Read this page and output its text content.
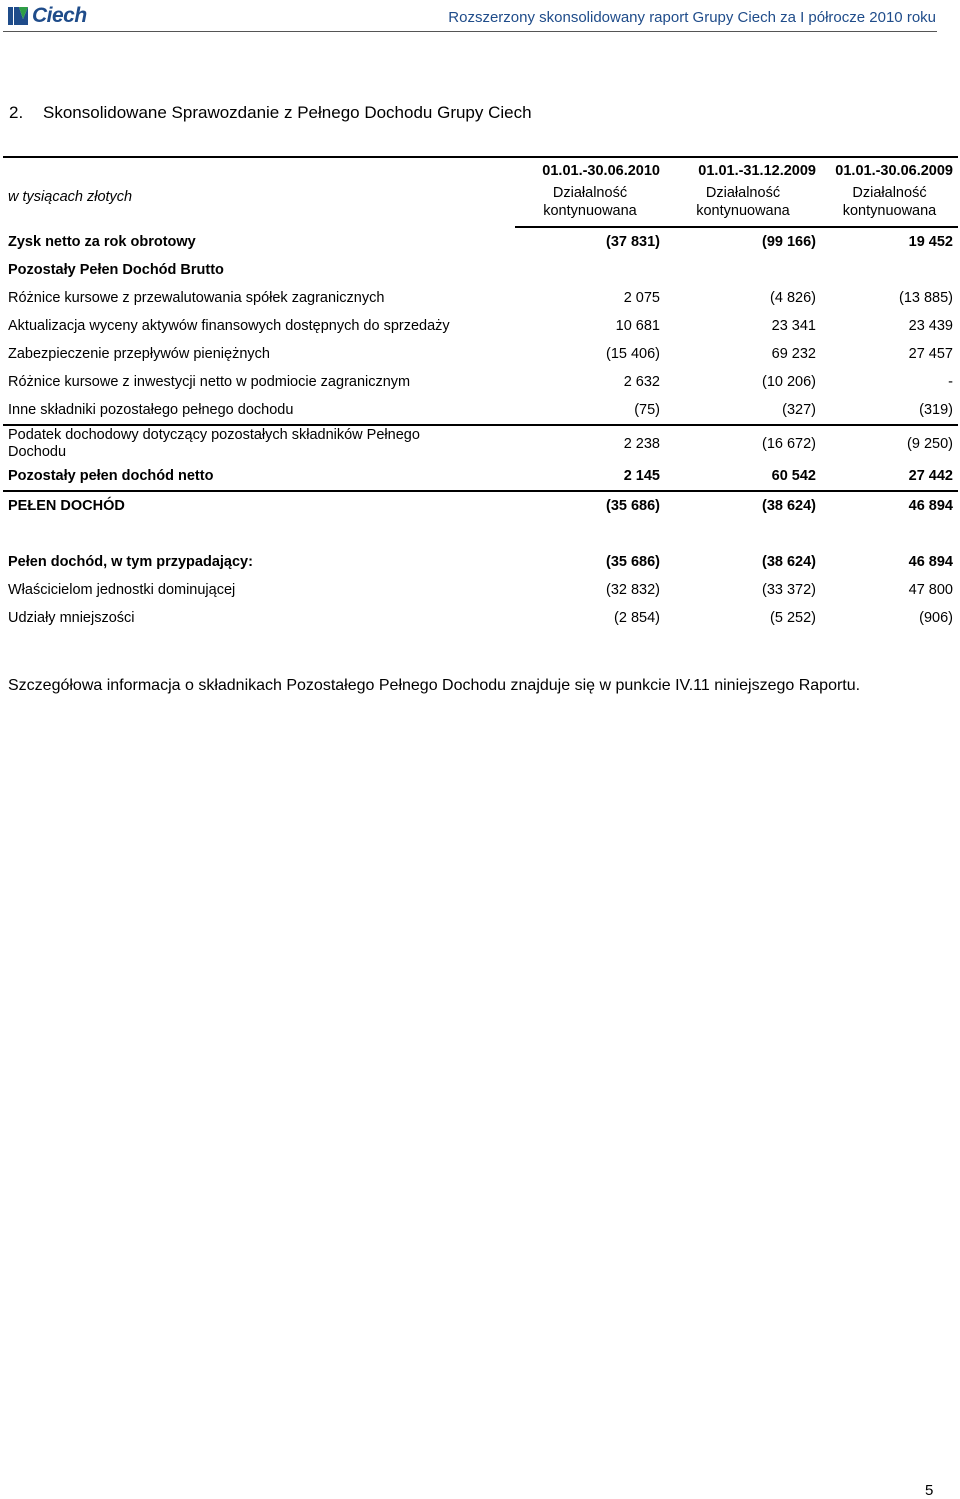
Ciech	Rozszerzony skonsolidowany raport Grupy Ciech za I półrocze 2010 roku
2. Skonsolidowane Sprawozdanie z Pełnego Dochodu Grupy Ciech
w tysiącach złotych	01.01.-30.06.2010	01.01.-31.12.2009	01.01.-30.06.2009
	Działalność	Działalność	Działalność
	kontynuowana	kontynuowana	kontynuowana
Zysk netto za rok obrotowy	(37 831)	(99 166)	19 452
Pozostały Pełen Dochód Brutto			
Różnice kursowe z przewalutowania spółek zagranicznych	2 075	(4 826)	(13 885)
Aktualizacja wyceny aktywów finansowych dostępnych do sprzedaży	10 681	23 341	23 439
Zabezpieczenie przepływów pieniężnych	(15 406)	69 232	27 457
Różnice kursowe z inwestycji netto w podmiocie zagranicznym	2 632	(10 206)	-
Inne składniki pozostałego pełnego dochodu	(75)	(327)	(319)

Podatek dochodowy dotyczący pozostałych składników Pełnego
Dochodu	2 238	(16 672)	(9 250)
Pozostały pełen dochód netto	2 145	60 542	27 442
PEŁEN DOCHÓD	(35 686)	(38 624)	46 894

Pełen dochód, w tym przypadający:	(35 686)	(38 624)	46 894
Właścicielom jednostki dominującej	(32 832)	(33 372)	47 800
Udziały mniejszości	(2 854)	(5 252)	(906)
Szczegółowa informacja o składnikach Pozostałego Pełnego Dochodu znajduje się w punkcie IV.11 niniejszego Raportu.
5
